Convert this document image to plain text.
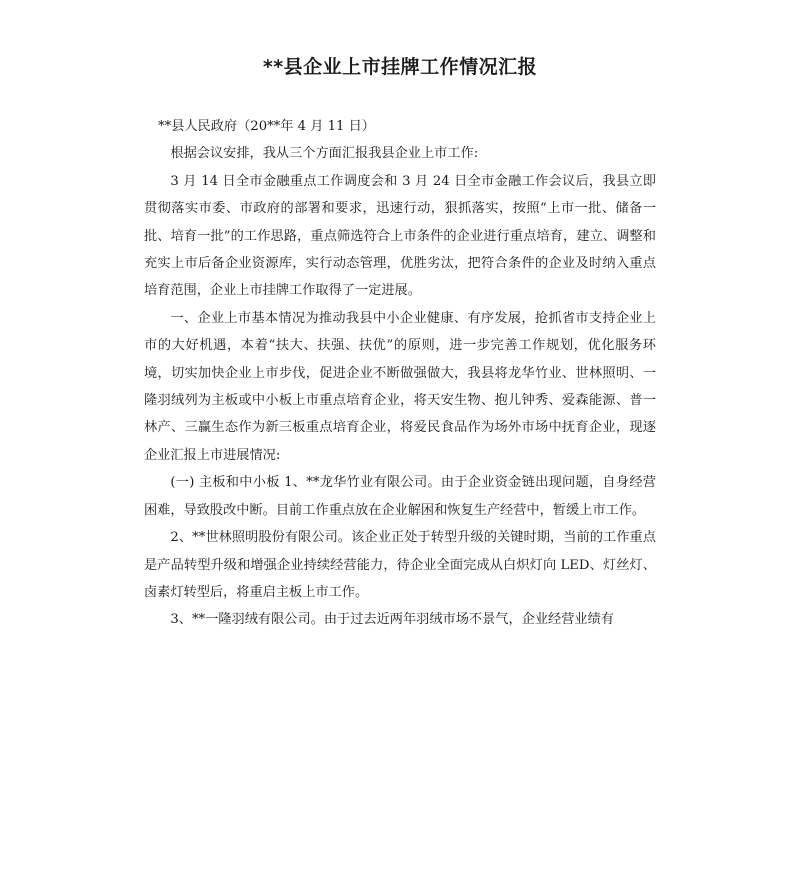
**县企业上市挂牌工作情况汇报

**县人民政府（20**年 4 月 11 日）

根据会议安排，我从三个方面汇报我县企业上市工作:

3 月 14 日全市金融重点工作调度会和 3 月 24 日全市金融工作会议后，我县立即贯彻落实市委、市政府的部署和要求，迅速行动，狠抓落实，按照“上市一批、储备一批、培育一批”的工作思路，重点筛选符合上市条件的企业进行重点培育，建立、调整和充实上市后备企业资源库，实行动态管理，优胜劣汰，把符合条件的企业及时纳入重点培育范围，企业上市挂牌工作取得了一定进展。

一、企业上市基本情况为推动我县中小企业健康、有序发展，抢抓省市支持企业上市的大好机遇，本着“扶大、扶强、扶优”的原则，进一步完善工作规划，优化服务环境，切实加快企业上市步伐，促进企业不断做强做大，我县将龙华竹业、世林照明、一隆羽绒列为主板或中小板上市重点培育企业，将天安生物、抱儿钟秀、爱森能源、普一林产、三赢生态作为新三板重点培育企业，将爱民食品作为场外市场中抚育企业，现逐企业汇报上市进展情况:

(一) 主板和中小板 1、**龙华竹业有限公司。由于企业资金链出现问题，自身经营困难，导致股改中断。目前工作重点放在企业解困和恢复生产经营中，暂缓上市工作。

2、**世林照明股份有限公司。该企业正处于转型升级的关键时期，当前的工作重点是产品转型升级和增强企业持续经营能力，待企业全面完成从白炽灯向 LED、灯丝灯、卤素灯转型后，将重启主板上市工作。

3、**一隆羽绒有限公司。由于过去近两年羽绒市场不景气，企业经营业绩有
